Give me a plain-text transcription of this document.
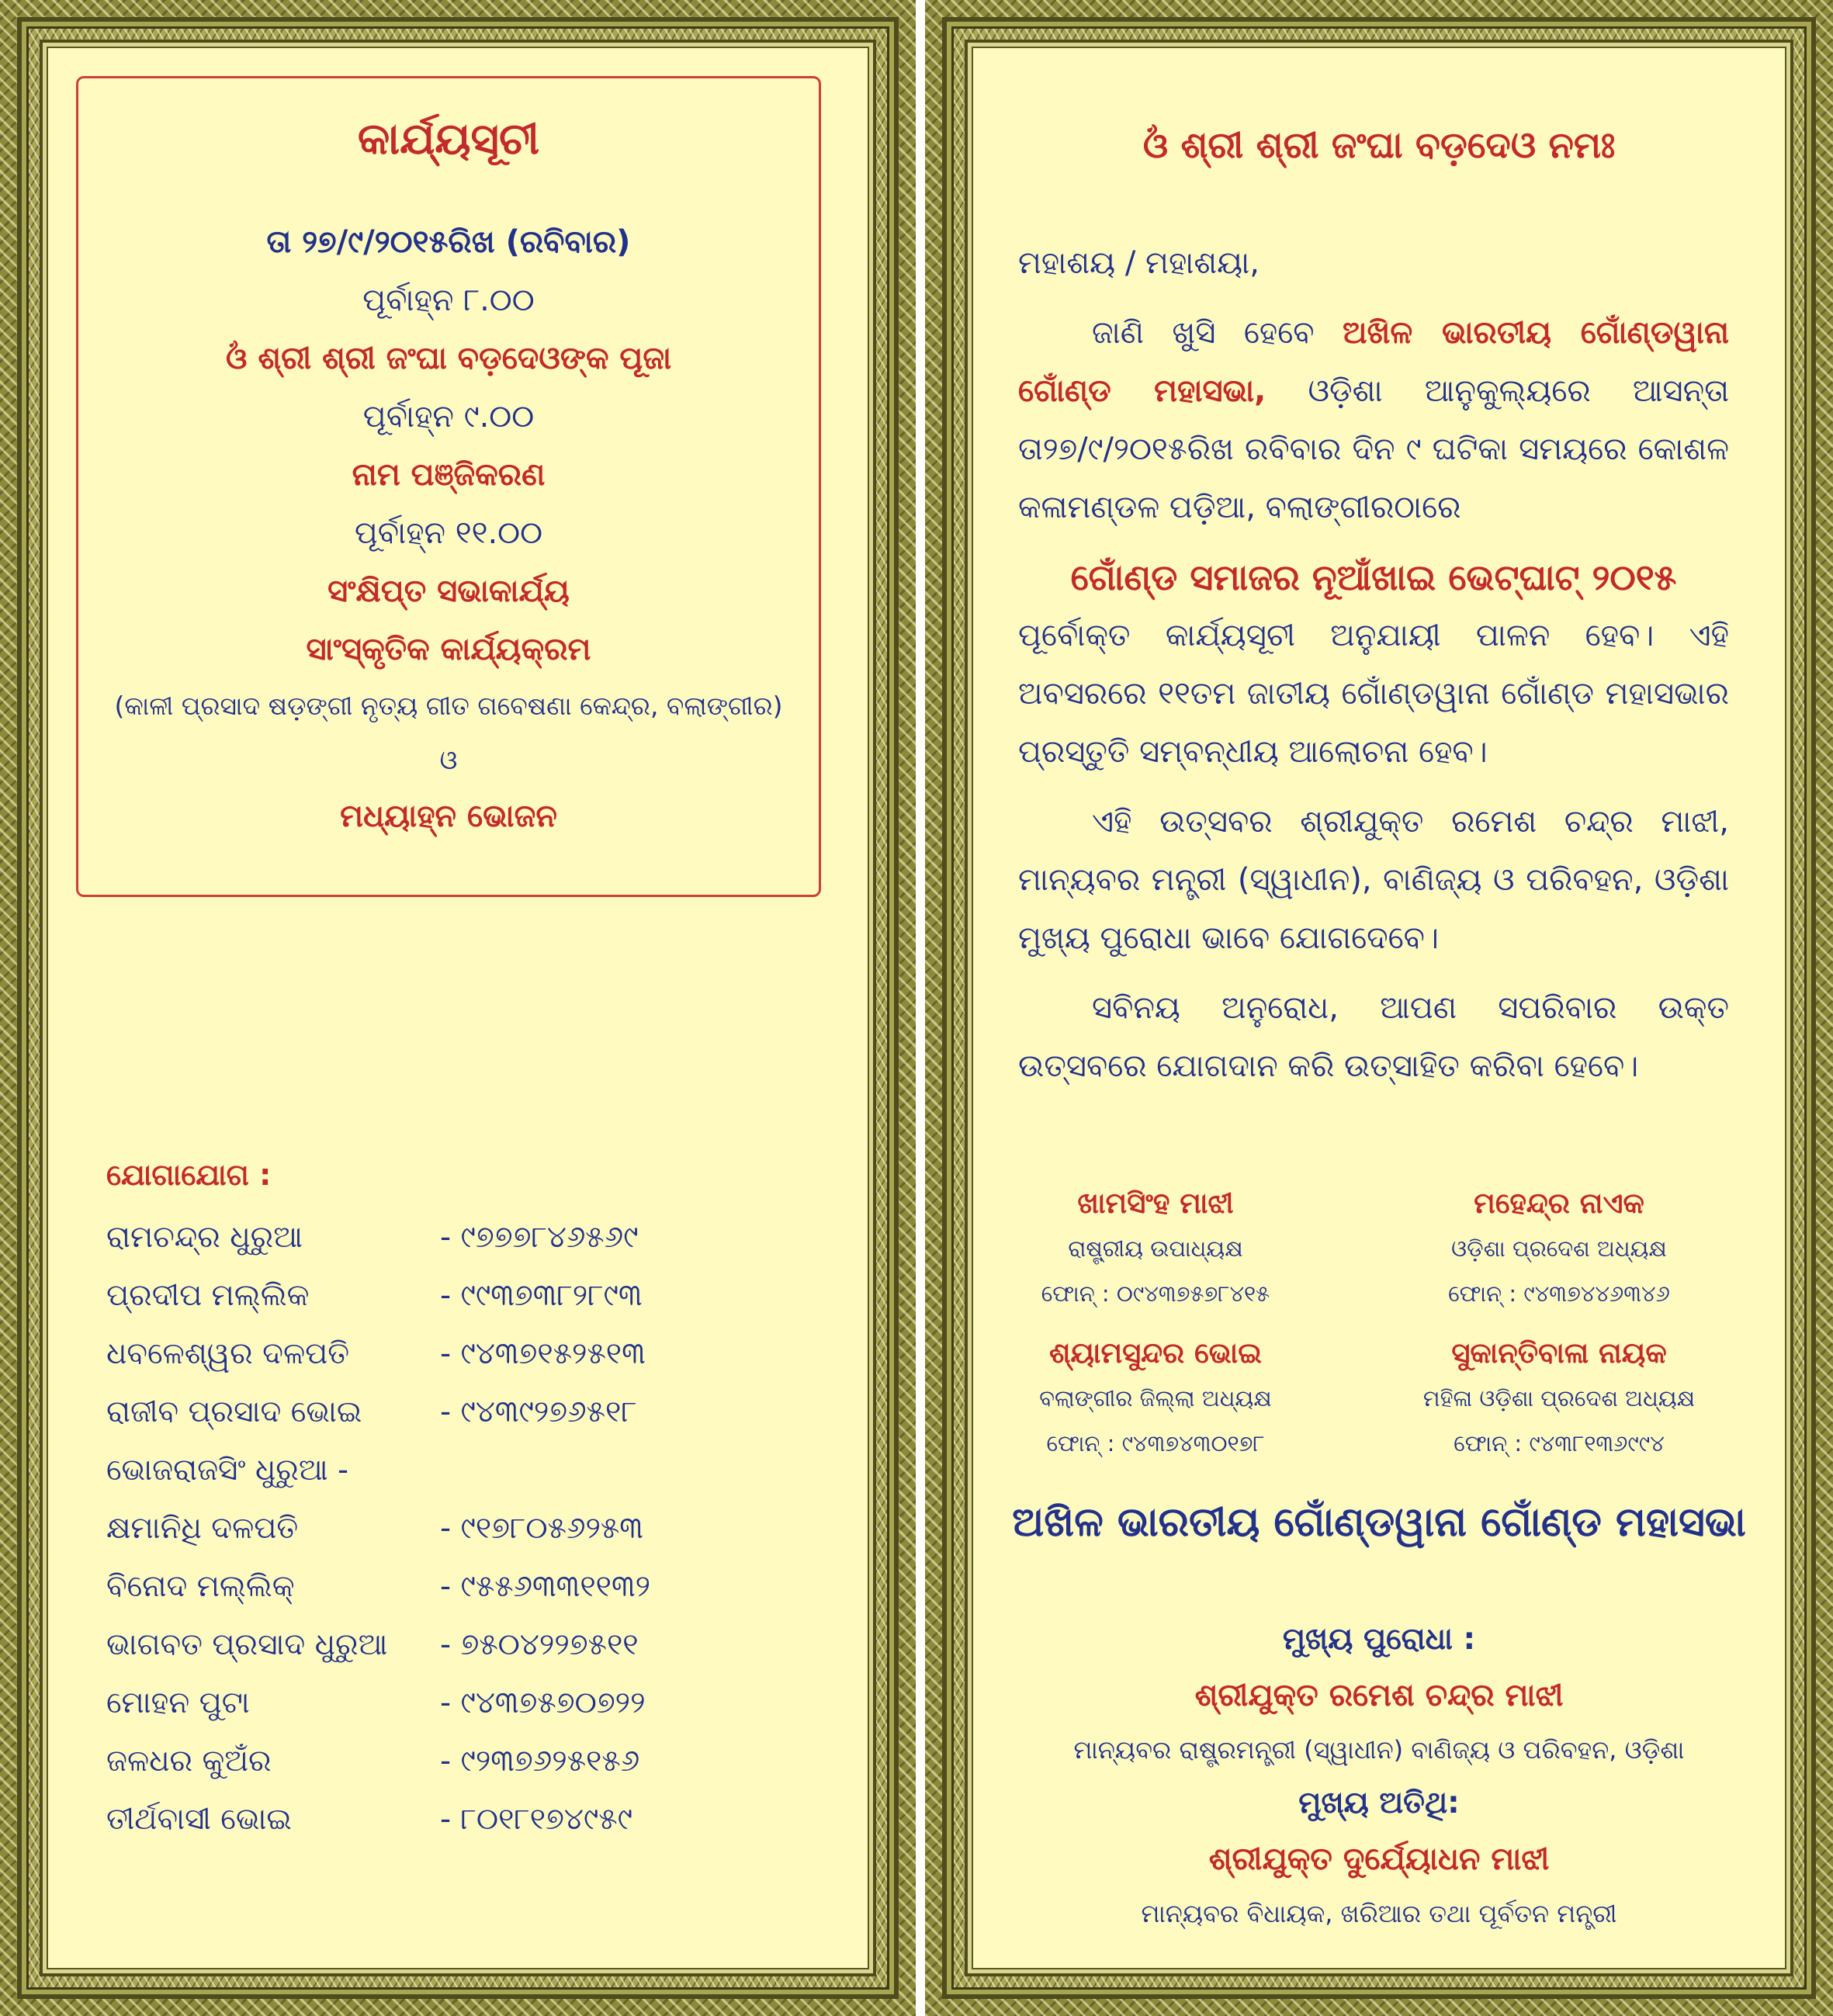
କାର୍ଯ୍ୟସୂଚୀ
ତା ୨୭/୯/୨୦୧୫ରିଖ (ରବିବାର)
ପୂର୍ବାହ୍ନ ୮.୦୦
ଓଁ ଶ୍ରୀ ଶ୍ରୀ ଜଂଘା ବଡ଼ଦେଓଙ୍କ ପୂଜା
ପୂର୍ବାହ୍ନ ୯.୦୦
ନାମ ପଞ୍ଜିକରଣ
ପୂର୍ବାହ୍ନ ୧୧.୦୦
ସଂକ୍ଷିପ୍ତ ସଭାକାର୍ଯ୍ୟ
ସାଂସ୍କୃତିକ କାର୍ଯ୍ୟକ୍ରମ
(କାଳୀ ପ୍ରସାଦ ଷଡ଼ଙ୍ଗୀ ନୃତ୍ୟ ଗୀତ ଗବେଷଣା କେନ୍ଦ୍ର, ବଲାଙ୍ଗୀର)
ଓ
ମଧ୍ୟାହ୍ନ ଭୋଜନ
ଯୋଗାଯୋଗ :
ରାମଚନ୍ଦ୍ର ଧୁରୁଆ	- ୯୭୭୭୮୪୬୫୬୯
ପ୍ରଦୀପ ମଲ୍ଲିକ	- ୯୯୩୭୩୮୨୮୯୩
ଧବଳେଶ୍ୱର ଦଳପତି	- ୯୪୩୭୧୫୨୫୧୩
ରାଜୀବ ପ୍ରସାଦ ଭୋଇ	- ୯୪୩୯୨୭୬୫୧୮
ଭୋଜରାଜସିଂ ଧୁରୁଆ -
କ୍ଷମାନିଧି ଦଳପତି	- ୯୧୭୮୦୫୬୨୫୩
ବିନୋଦ ମଲ୍ଲିକ୍	- ୯୫୫୬୩୩୧୧୩୨
ଭାଗବତ ପ୍ରସାଦ ଧୁରୁଆ - ୭୫୦୪୨୨୭୫୧୧
ମୋହନ ପୁଟା	- ୯୪୩୭୫୭୦୭୨୨
ଜଳଧର କୁଅଁର	- ୯୨୩୭୬୨୫୧୫୬
ତୀର୍ଥବାସୀ ଭୋଇ	- ୮୦୧୮୧୭୪୯୫୯
ଓଁ ଶ୍ରୀ ଶ୍ରୀ ଜଂଘା ବଡ଼ଦେଓ ନମଃ

ମହାଶୟ / ମହାଶୟା,

ଜାଣି ଖୁସି ହେବେ ଅଖିଳ ଭାରତୀୟ ଗୋଁଣ୍ଡୱାନା ଗୋଁଣ୍ଡ ମହାସଭା, ଓଡ଼ିଶା ଆନୁକୁଲ୍ୟରେ ଆସନ୍ତା ତା୨୭/୯/୨୦୧୫ରିଖ ରବିବାର ଦିନ ୯ ଘଟିକା ସମୟରେ କୋଶଳ କଳାମଣ୍ଡଳ ପଡ଼ିଆ, ବଲାଙ୍ଗୀରଠାରେ

ଗୋଁଣ୍ଡ ସମାଜର ନୂଆଁଖାଇ ଭେଟ୍‌ଘାଟ୍ ୨୦୧୫

ପୂର୍ବୋକ୍ତ କାର୍ଯ୍ୟସୂଚୀ ଅନୁଯାୟୀ ପାଳନ ହେବ। ଏହି ଅବସରରେ ୧୧ତମ ଜାତୀୟ ଗୋଁଣ୍ଡୱାନା ଗୋଁଣ୍ଡ ମହାସଭାର ପ୍ରସ୍ତୁତି ସମ୍ବନ୍ଧୀୟ ଆଲୋଚନା ହେବ।

ଏହି ଉତ୍ସବର ଶ୍ରୀଯୁକ୍ତ ରମେଶ ଚନ୍ଦ୍ର ମାଝୀ, ମାନ୍ୟବର ମନ୍ତ୍ରୀ (ସ୍ୱାଧୀନ), ବାଣିଜ୍ୟ ଓ ପରିବହନ, ଓଡ଼ିଶା ମୁଖ୍ୟ ପୁରୋଧା ଭାବେ ଯୋଗଦେବେ।

ସବିନୟ ଅନୁରୋଧ, ଆପଣ ସପରିବାର ଉକ୍ତ ଉତ୍ସବରେ ଯୋଗଦାନ କରି ଉତ୍ସାହିତ କରିବା ହେବେ।

ଖାମସିଂହ ମାଝୀ
ରାଷ୍ଟ୍ରୀୟ ଉପାଧ୍ୟକ୍ଷ
ଫୋନ୍ : ୦୯୪୩୭୫୭୮୪୧୫
ମହେନ୍ଦ୍ର ନାଏକ
ଓଡ଼ିଶା ପ୍ରଦେଶ ଅଧ୍ୟକ୍ଷ
ଫୋନ୍ : ୯୪୩୭୪୪୬୩୪୬
ଶ୍ୟାମସୁନ୍ଦର ଭୋଇ
ବଲାଙ୍ଗୀର ଜିଲ୍ଲା ଅଧ୍ୟକ୍ଷ
ଫୋନ୍ : ୯୪୩୭୪୩୦୧୭୮
ସୁକାନ୍ତିବାଳା ନାୟକ
ମହିଳା ଓଡ଼ିଶା ପ୍ରଦେଶ ଅଧ୍ୟକ୍ଷ
ଫୋନ୍ : ୯୪୩୮୧୩୬୯୯୪
ଅଖିଳ ଭାରତୀୟ ଗୋଁଣ୍ଡୱାନା ଗୋଁଣ୍ଡ ମହାସଭା
ମୁଖ୍ୟ ପୁରୋଧା :
ଶ୍ରୀଯୁକ୍ତ ରମେଶ ଚନ୍ଦ୍ର ମାଝୀ
ମାନ୍ୟବର ରାଷ୍ଟ୍ରମନ୍ତ୍ରୀ (ସ୍ୱାଧୀନ) ବାଣିଜ୍ୟ ଓ ପରିବହନ, ଓଡ଼ିଶା
ମୁଖ୍ୟ ଅତିଥି:
ଶ୍ରୀଯୁକ୍ତ ଦୁର୍ଯ୍ୟୋଧନ ମାଝୀ
ମାନ୍ୟବର ବିଧାୟକ, ଖରିଆର ତଥା ପୂର୍ବତନ ମନ୍ତ୍ରୀ
